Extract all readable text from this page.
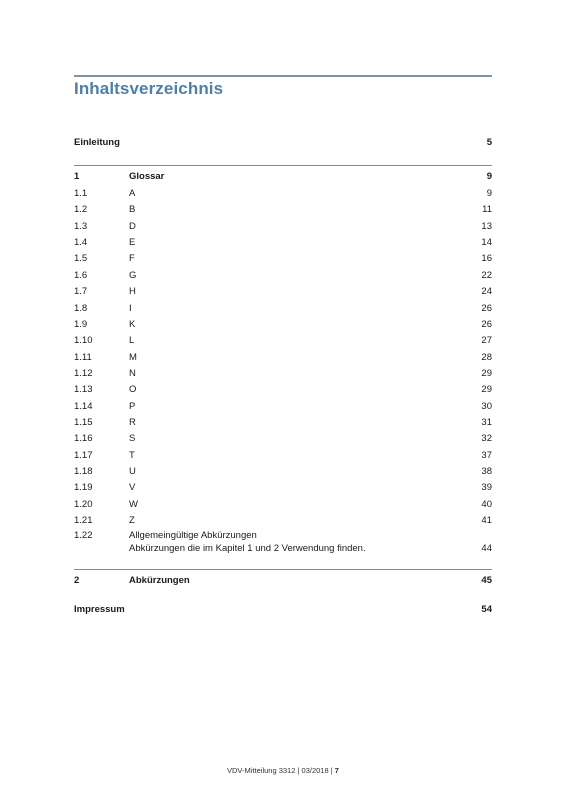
Inhaltsverzeichnis
Einleitung	5
1	Glossar	9
1.1	A	9
1.2	B	11
1.3	D	13
1.4	E	14
1.5	F	16
1.6	G	22
1.7	H	24
1.8	I	26
1.9	K	26
1.10	L	27
1.11	M	28
1.12	N	29
1.13	O	29
1.14	P	30
1.15	R	31
1.16	S	32
1.17	T	37
1.18	U	38
1.19	V	39
1.20	W	40
1.21	Z	41
1.22	Allgemeingültige Abkürzungen
Abkürzungen die im Kapitel 1 und 2 Verwendung finden.	44
2	Abkürzungen	45
Impressum	54
VDV-Mitteilung 3312 | 03/2018 | 7
